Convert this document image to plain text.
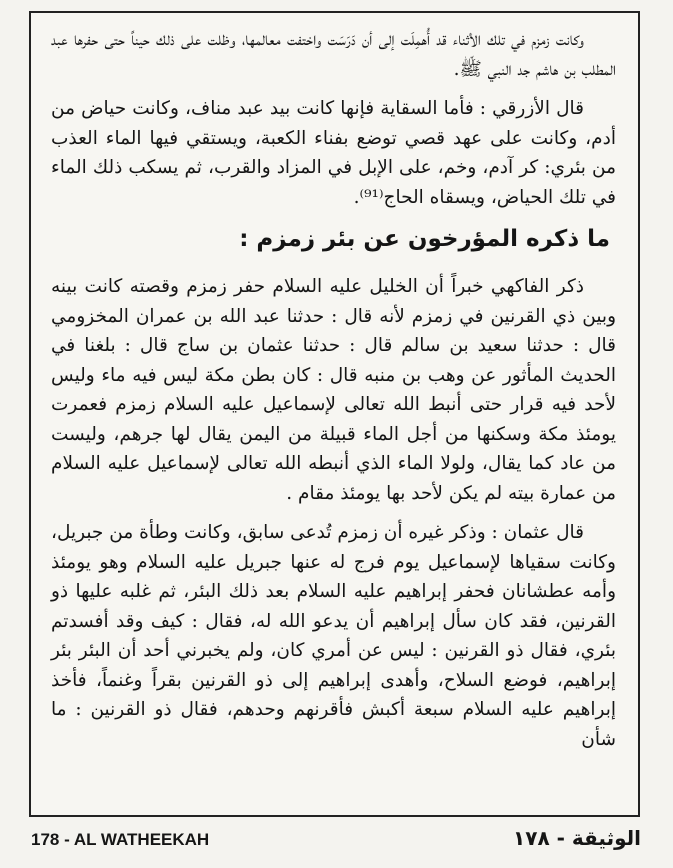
وكانت زمزم في تلك الأثناء قد أُهمِلَت إلى أن دَرَسَت واختفت معالمها، وظلت على ذلك حيناً حتى حفرها عبد المطلب بن هاشم جد النبي ﷺ.

قال الأزرقي : فأما السقاية فإنها كانت بيد عبد مناف، وكانت حياض من أدم، وكانت على عهد قصي توضع بفناء الكعبة، ويستقي فيها الماء العذب من بئري: كر آدم، وخم، على الإبل في المزاد والقرب، ثم يسكب ذلك الماء في تلك الحياض، ويسقاه الحاج⁽⁹¹⁾.

ما ذكره المؤرخون عن بئر زمزم :

ذكر الفاكهي خبراً أن الخليل عليه السلام حفر زمزم وقصته كانت بينه وبين ذي القرنين في زمزم لأنه قال : حدثنا عبد الله بن عمران المخزومي قال : حدثنا سعيد بن سالم قال : حدثنا عثمان بن ساج قال : بلغنا في الحديث المأثور عن وهب بن منبه قال : كان بطن مكة ليس فيه ماء وليس لأحد فيه قرار حتى أنبط الله تعالى لإسماعيل عليه السلام زمزم فعمرت يومئذ مكة وسكنها من أجل الماء قبيلة من اليمن يقال لها جرهم، وليست من عاد كما يقال، ولولا الماء الذي أنبطه الله تعالى لإسماعيل عليه السلام من عمارة بيته لم يكن لأحد بها يومئذ مقام .

قال عثمان : وذكر غيره أن زمزم تُدعى سابق، وكانت وطأة من جبريل، وكانت سقياها لإسماعيل يوم فرج له عنها جبريل عليه السلام وهو يومئذ وأمه عطشانان فحفر إبراهيم عليه السلام بعد ذلك البئر، ثم غلبه عليها ذو القرنين، فقد كان سأل إبراهيم أن يدعو الله له، فقال : كيف وقد أفسدتم بئري، فقال ذو القرنين : ليس عن أمري كان، ولم يخبرني أحد أن البئر بئر إبراهيم، فوضع السلاح، وأهدى إبراهيم إلى ذو القرنين بقراً وغنماً، فأخذ إبراهيم عليه السلام سبعة أكبش فأقرنهم وحدهم، فقال ذو القرنين : ما شأن

178 - AL WATHEEKAH	الوثيقة - ١٧٨
